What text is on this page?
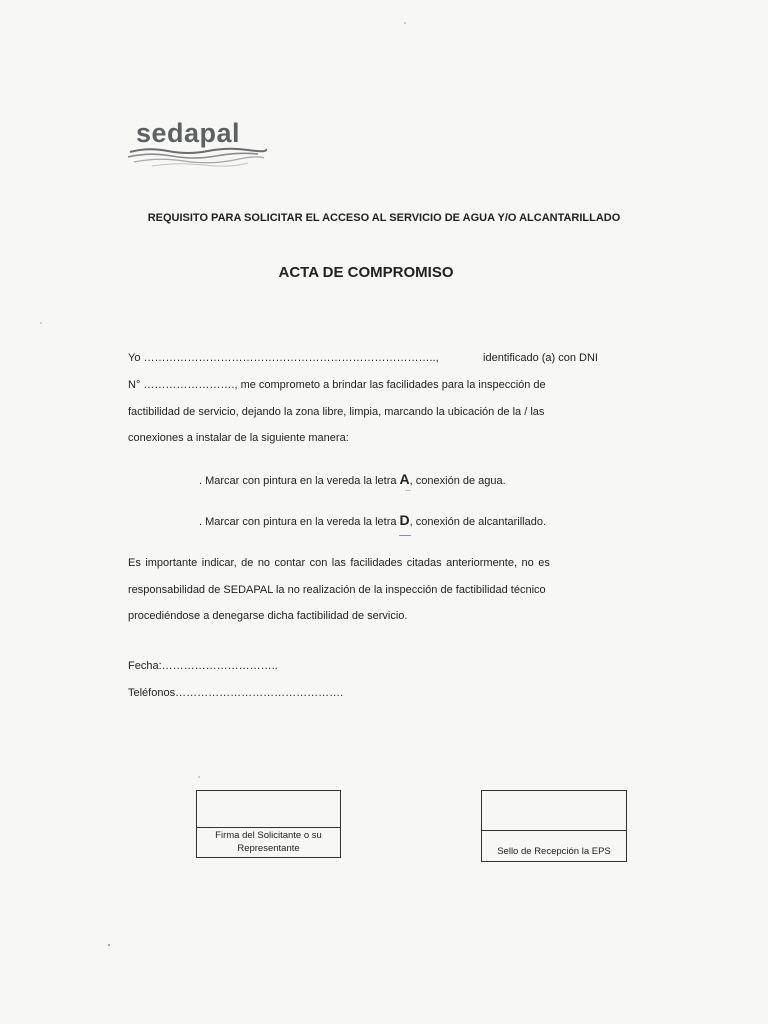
sedapal

REQUISITO PARA SOLICITAR EL ACCESO AL SERVICIO DE AGUA Y/O ALCANTARILLADO
ACTA DE COMPROMISO
Yo ……………………………………………………………………..,	identificado (a) con DNI
N° ……………………., me comprometo a brindar las facilidades para la inspección de
factibilidad de servicio, dejando la zona libre, limpia, marcando la ubicación de la / las
conexiones a instalar de la siguiente manera:
. Marcar con pintura en la vereda la letra A, conexión de agua.
. Marcar con pintura en la vereda la letra D, conexión de alcantarillado.
Es importante indicar, de no contar con las facilidades citadas anteriormente, no es
responsabilidad de SEDAPAL la no realización de la inspección de factibilidad técnico
procediéndose a denegarse dicha factibilidad de servicio.
Fecha:…………………………..
Teléfonos……………………………………….
Firma del Solicitante o su
Representante	Sello de Recepción la EPS
